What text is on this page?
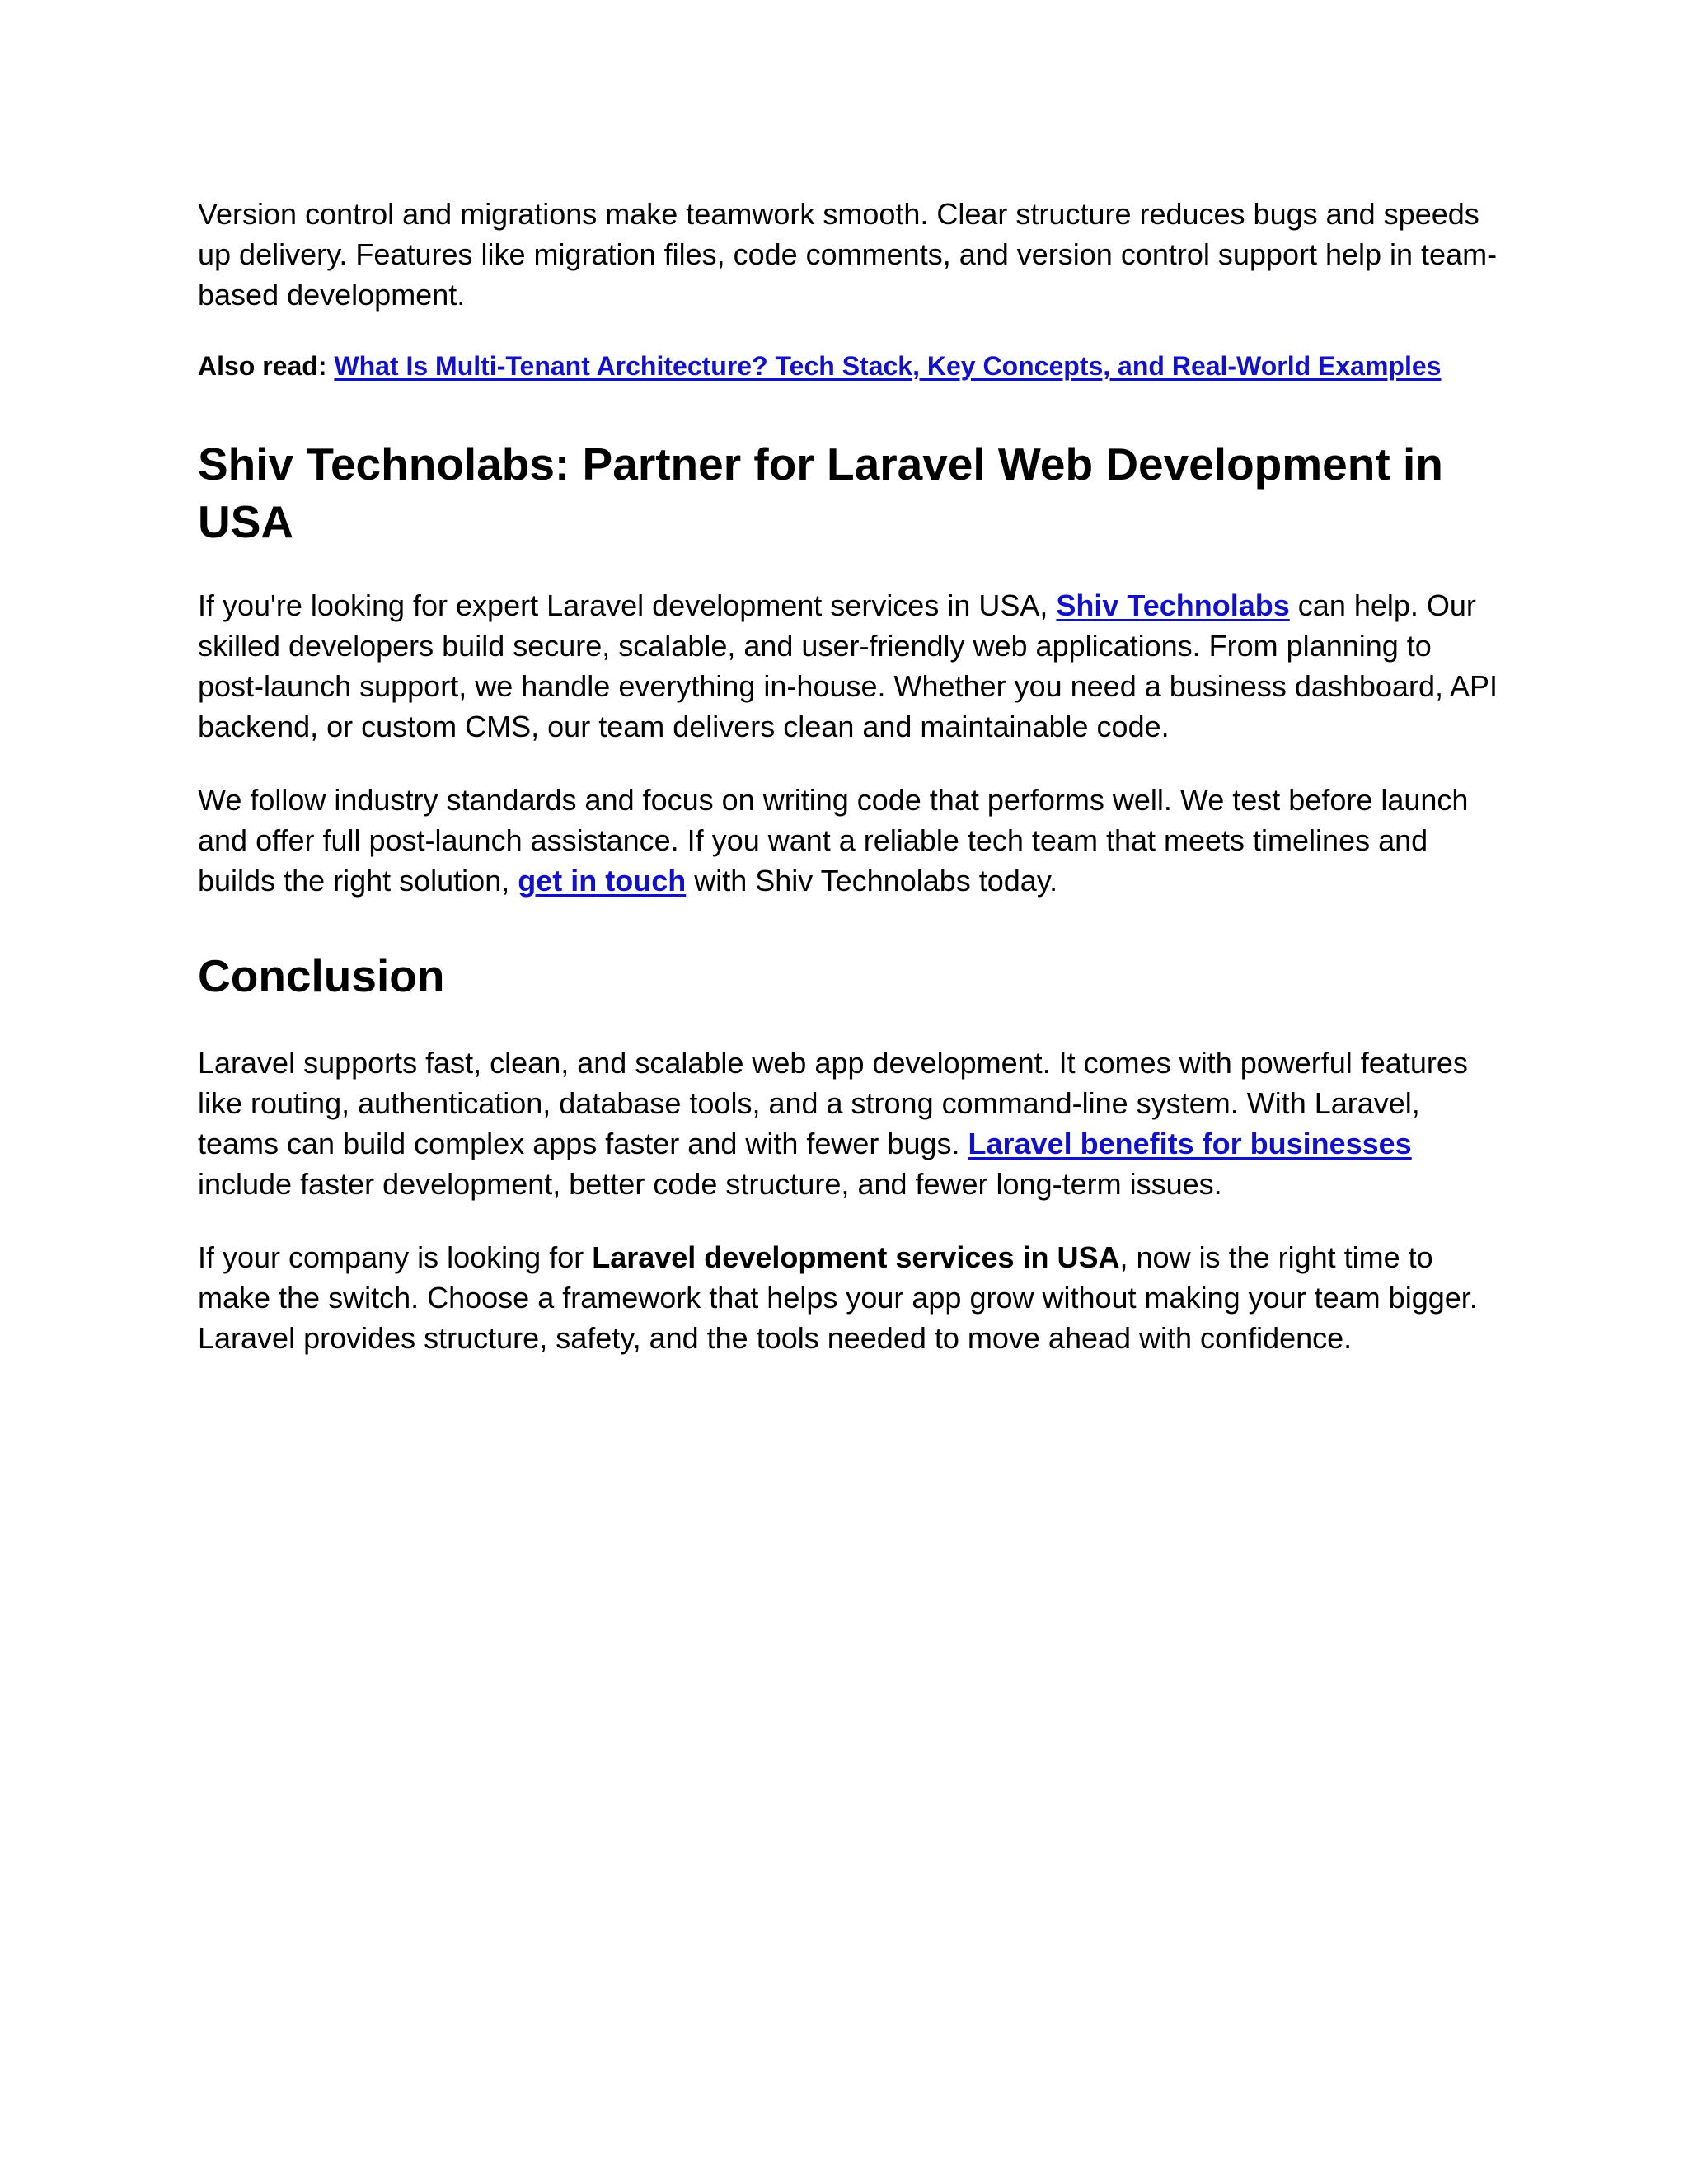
Version control and migrations make teamwork smooth. Clear structure reduces bugs and speeds up delivery. Features like migration files, code comments, and version control support help in team-based development.

Also read: What Is Multi-Tenant Architecture? Tech Stack, Key Concepts, and Real-World Examples

Shiv Technolabs: Partner for Laravel Web Development in USA

If you're looking for expert Laravel development services in USA, Shiv Technolabs can help. Our skilled developers build secure, scalable, and user-friendly web applications. From planning to post-launch support, we handle everything in-house. Whether you need a business dashboard, API backend, or custom CMS, our team delivers clean and maintainable code.

We follow industry standards and focus on writing code that performs well. We test before launch and offer full post-launch assistance. If you want a reliable tech team that meets timelines and builds the right solution, get in touch with Shiv Technolabs today.

Conclusion

Laravel supports fast, clean, and scalable web app development. It comes with powerful features like routing, authentication, database tools, and a strong command-line system. With Laravel, teams can build complex apps faster and with fewer bugs. Laravel benefits for businesses include faster development, better code structure, and fewer long-term issues.

If your company is looking for Laravel development services in USA, now is the right time to make the switch. Choose a framework that helps your app grow without making your team bigger. Laravel provides structure, safety, and the tools needed to move ahead with confidence.
